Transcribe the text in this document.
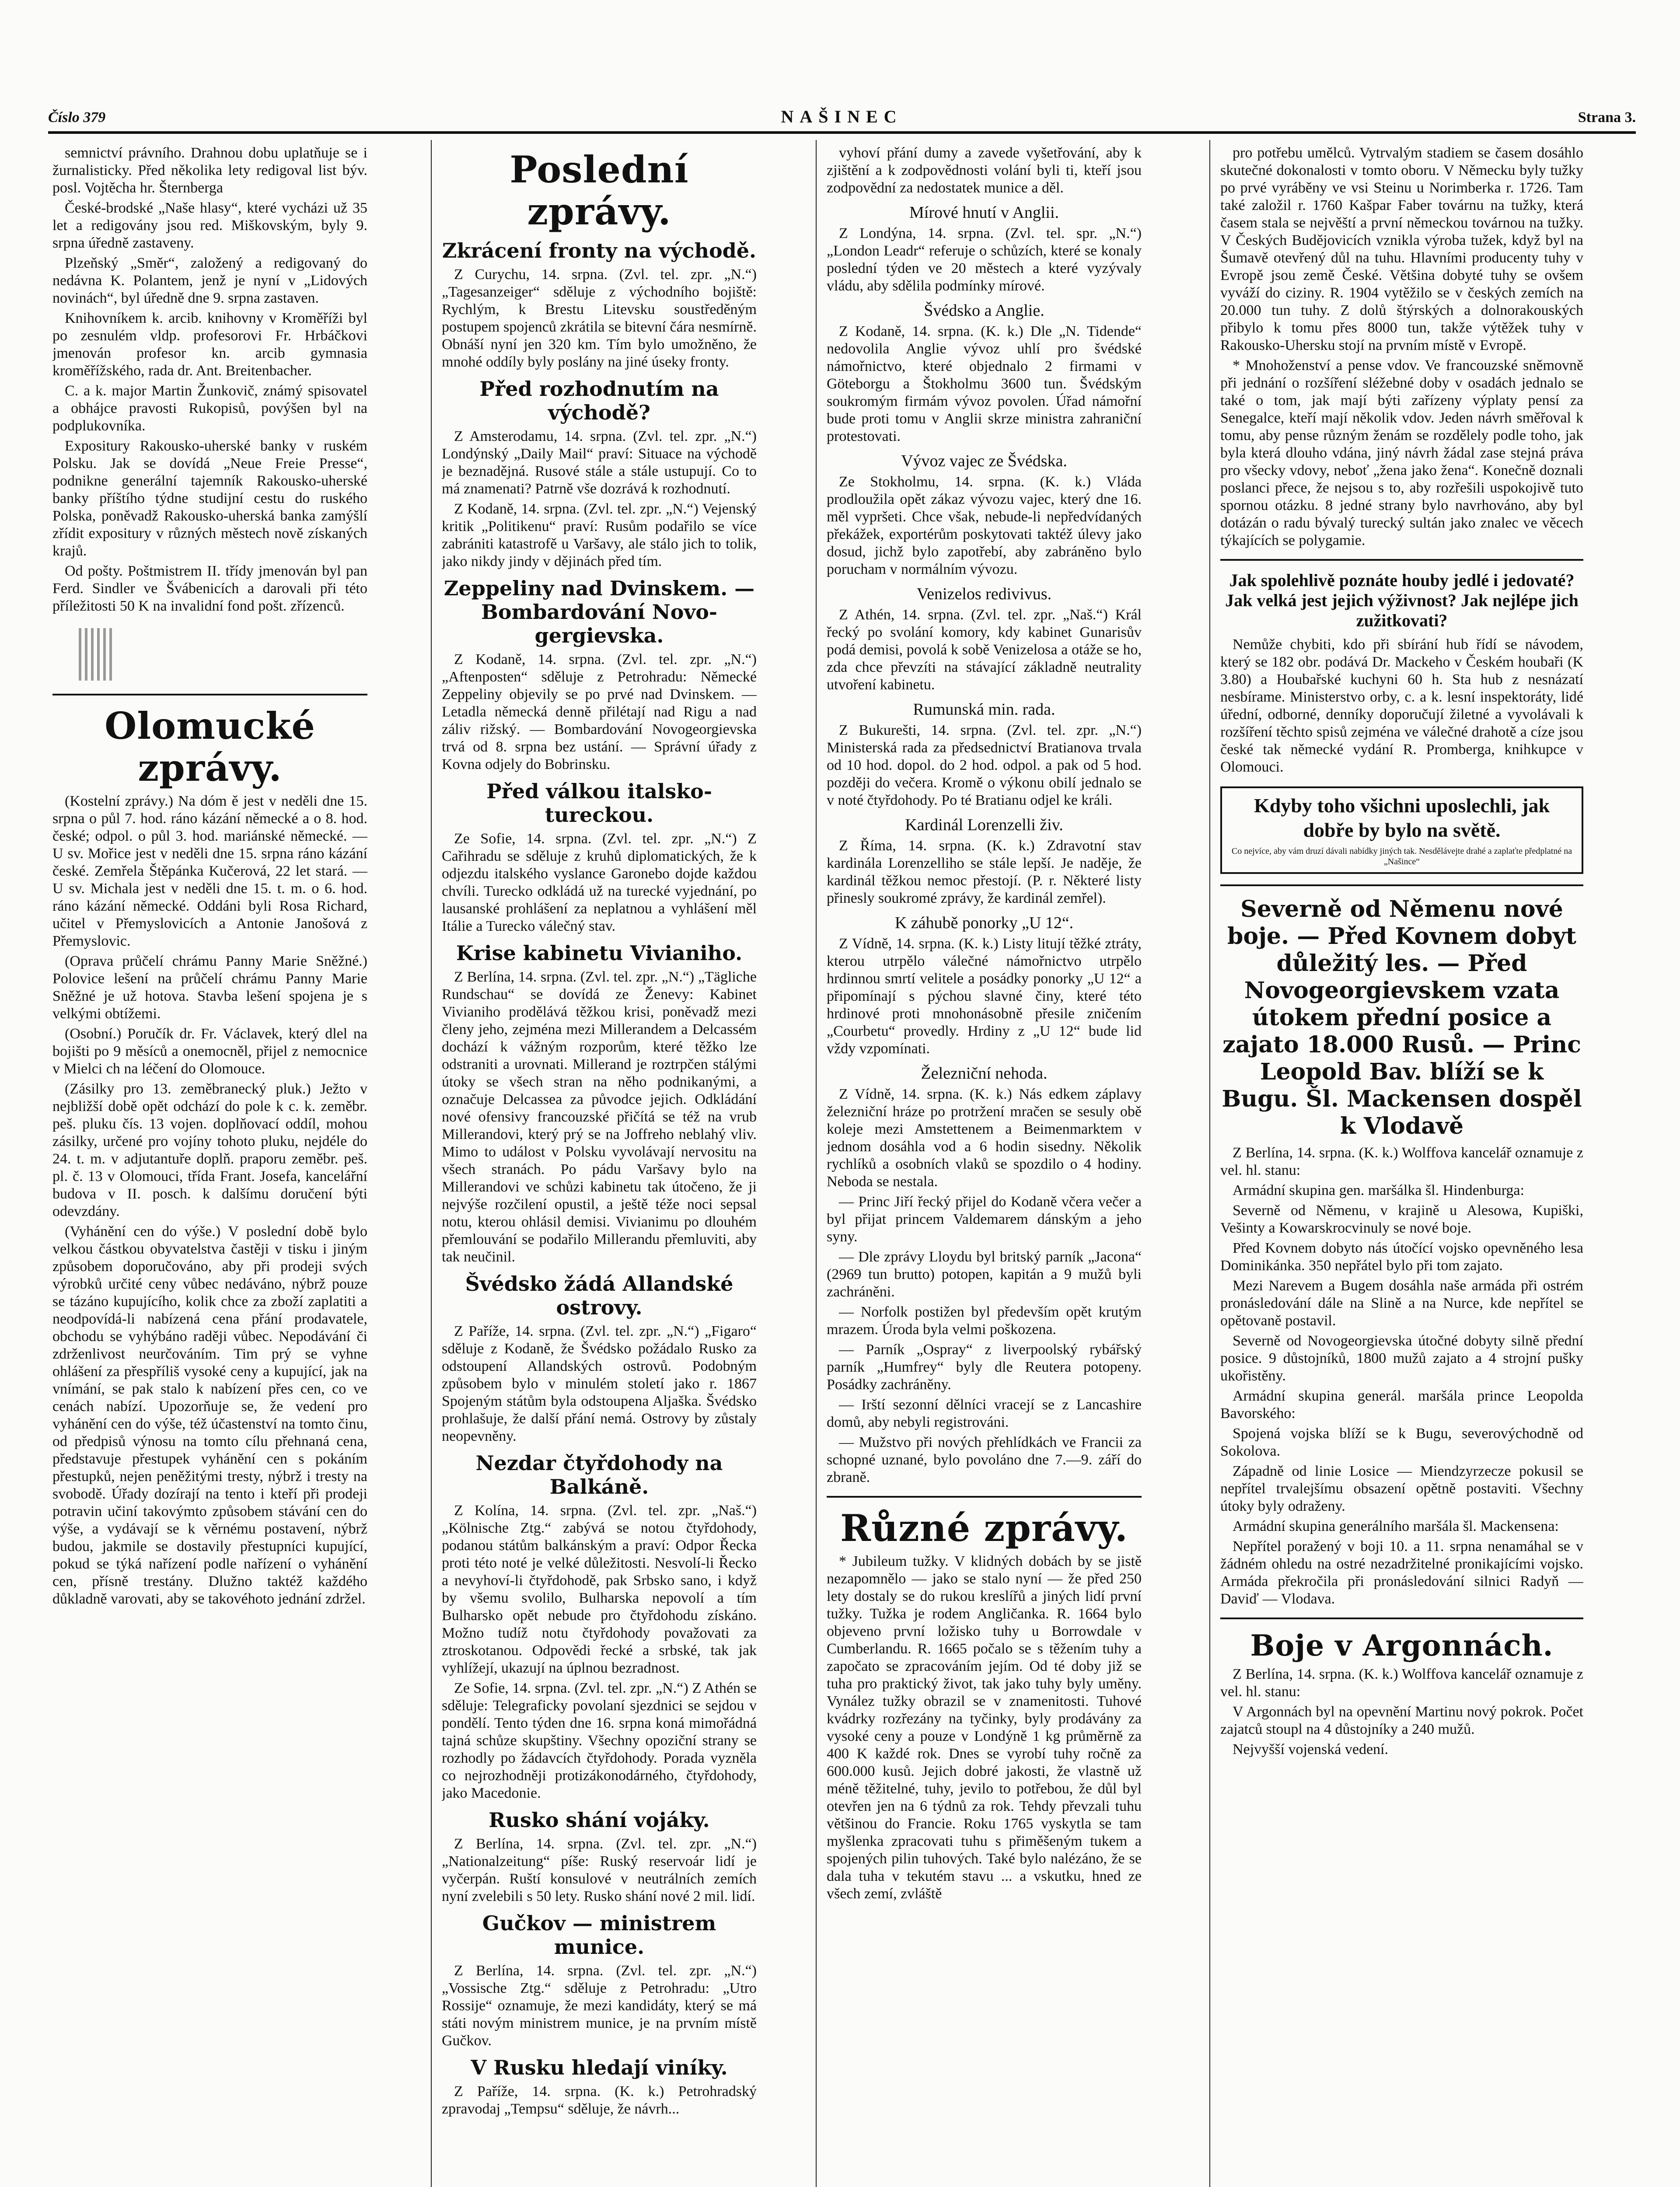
Číslo 379	NAŠINEC	Strana 3.

semnictví právního. Drahnou dobu uplatňuje se i žurnalisticky. Před několika lety redigoval list býv. posl. Vojtěcha hr. Šternberga

České-brodské „Naše hlasy“, které vycházi už 35 let a redigovány jsou red. Miškovským, byly 9. srpna úředně zastaveny.

Plzeňský „Směr“, založený a redigovaný do nedávna K. Polantem, jenž je nyní v „Lidových novinách“, byl úředně dne 9. srpna zastaven.

Knihovníkem k. arcib. knihovny v Kroměříži byl po zesnulém vldp. profesorovi Fr. Hrbáčkovi jmenován profesor kn. arcib gymnasia kroměřížského, rada dr. Ant. Breitenbacher.

C. a k. major Martin Žunkovič, známý spisovatel a obhájce pravosti Rukopisů, povýšen byl na podplukovníka.

Expositury Rakousko-uherské banky v ruském Polsku. Jak se dovídá „Neue Freie Presse“, podnikne generální tajemník Rakousko-uherské banky příštího týdne studijní cestu do ruského Polska, poněvadž Rakousko-uherská banka zamýšlí zřídit expositury v různých městech nově získaných krajů.

Od pošty. Poštmistrem II. třídy jmenován byl pan Ferd. Sindler ve Švábenicích a darovali při této příležitosti 50 K na invalidní fond pošt. zřízenců.

Olomucké zprávy.

(Kostelní zprávy.) Na dóm ě jest v neděli dne 15. srpna o půl 7. hod. ráno kázání německé a o 8. hod. české; odpol. o půl 3. hod. mariánské německé. — U sv. Mořice jest v neděli dne 15. srpna ráno kázání české. Zemřela Štěpánka Kučerová, 22 let stará. — U sv. Michala jest v neděli dne 15. t. m. o 6. hod. ráno kázání německé. Oddáni byli Rosa Richard, učitel v Přemyslovicích a Antonie Janošová z Přemyslovic.

(Oprava průčelí chrámu Panny Marie Sněžné.) Polovice lešení na průčelí chrámu Panny Marie Sněžné je už hotova. Stavba lešení spojena je s velkými obtížemi.

(Osobní.) Poručík dr. Fr. Václavek, který dlel na bojišti po 9 měsíců a onemocněl, přijel z nemocnice v Mielci ch na léčení do Olomouce.

(Zásilky pro 13. zeměbranecký pluk.) Ježto v nejbližší době opět odchází do pole k c. k. zeměbr. peš. pluku čís. 13 vojen. doplňovací oddíl, mohou zásilky, určené pro vojíny tohoto pluku, nejdéle do 24. t. m. v adjutantuře doplň. praporu zeměbr. peš. pl. č. 13 v Olomouci, třída Frant. Josefa, kancelářní budova v II. posch. k dalšímu doručení býti odevzdány.

(Vyhánění cen do výše.) V poslední době bylo velkou částkou obyvatelstva častěji v tisku i jiným způsobem doporučováno, aby při prodeji svých výrobků určité ceny vůbec nedáváno, nýbrž pouze se tázáno kupujícího, kolik chce za zboží zaplatiti a neodpovídá-li nabízená cena přání prodavatele, obchodu se vyhýbáno raději vůbec. Nepodávání či zdrženlivost neurčováním. Tim prý se vyhne ohlášení za přespříliš vysoké ceny a kupující, jak na vnímání, se pak stalo k nabízení přes cen, co ve cenách nabízí. Upozorňuje se, že vedení pro vyhánění cen do výše, též účastenství na tomto činu, od předpisů výnosu na tomto cílu přehnaná cena, představuje přestupek vyhánění cen s pokáním přestupků, nejen peněžitými tresty, nýbrž i tresty na svobodě. Úřady dozírají na tento i kteří při prodeji potravin učiní takovýmto způsobem stávání cen do výše, a vydávají se k věrnému postavení, nýbrž budou, jakmile se dostavily přestupníci kupující, pokud se týká nařízení podle nařízení o vyhánění cen, přísně trestány. Dlužno taktéž každého důkladně varovati, aby se takovéhoto jednání zdržel.

Poslední zprávy.
Zkrácení fronty na východě.

Z Curychu, 14. srpna. (Zvl. tel. zpr. „N.“) „Tagesanzeiger“ sděluje z východního bojiště: Rychlým, k Brestu Litevsku soustředěným postupem spojenců zkrátila se bitevní čára nesmírně. Obnáší nyní jen 320 km. Tím bylo umožněno, že mnohé oddíly byly poslány na jiné úseky fronty.

Před rozhodnutím na východě?

Z Amsterodamu, 14. srpna. (Zvl. tel. zpr. „N.“) Londýnský „Daily Mail“ praví: Situace na východě je beznadějná. Rusové stále a stále ustupují. Co to má znamenati? Patrně vše dozrává k rozhodnutí.

Z Kodaně, 14. srpna. (Zvl. tel. zpr. „N.“) Vejenský kritik „Politikenu“ praví: Rusům podařilo se více zabrániti katastrofě u Varšavy, ale stálo jich to tolik, jako nikdy jindy v dějinách před tím.

Zeppeliny nad Dvinskem. — Bombardování Novo-gergievska.

Z Kodaně, 14. srpna. (Zvl. tel. zpr. „N.“) „Aftenposten“ sděluje z Petrohradu: Německé Zeppeliny objevily se po prvé nad Dvinskem. — Letadla německá denně přilétají nad Rigu a nad záliv rižský. — Bombardování Novogeorgievska trvá od 8. srpna bez ustání. — Správní úřady z Kovna odjely do Bobrinsku.

Před válkou italsko-tureckou.

Ze Sofie, 14. srpna. (Zvl. tel. zpr. „N.“) Z Cařihradu se sděluje z kruhů diplomatických, že k odjezdu italského vyslance Garonebo dojde každou chvíli. Turecko odkládá už na turecké vyjednání, po lausanské prohlášení za neplatnou a vyhlášení měl Itálie a Turecko válečný stav.

Krise kabinetu Vivianiho.

Z Berlína, 14. srpna. (Zvl. tel. zpr. „N.“) „Tägliche Rundschau“ se dovídá ze Ženevy: Kabinet Vivianiho prodělává těžkou krisi, poněvadž mezi členy jeho, zejména mezi Millerandem a Delcassém dochází k vážným rozporům, které těžko lze odstraniti a urovnati. Millerand je roztrpčen stálými útoky se všech stran na něho podnikanými, a označuje Delcassea za původce jejich. Odkládání nové ofensivy francouzské přičítá se též na vrub Millerandovi, který prý se na Joffreho neblahý vliv. Mimo to událost v Polsku vyvolávají nervositu na všech stranách. Po pádu Varšavy bylo na Millerandovi ve schůzi kabinetu tak útočeno, že ji nejvýše rozčilení opustil, a ještě téže noci sepsal notu, kterou ohlásil demisi. Vivianimu po dlouhém přemlouvání se podařilo Millerandu přemluviti, aby tak neučinil.

Švédsko žádá Allandské ostrovy.

Z Paříže, 14. srpna. (Zvl. tel. zpr. „N.“) „Figaro“ sděluje z Kodaně, že Švédsko požádalo Rusko za odstoupení Allandských ostrovů. Podobným způsobem bylo v minulém století jako r. 1867 Spojeným státům byla odstoupena Aljaška. Švédsko prohlašuje, že další přání nemá. Ostrovy by zůstaly neopevněny.

Nezdar čtyřdohody na Balkáně.

Z Kolína, 14. srpna. (Zvl. tel. zpr. „Naš.“) „Kölnische Ztg.“ zabývá se notou čtyřdohody, podanou státům balkánským a praví: Odpor Řecka proti této noté je velké důležitosti. Nesvolí-li Řecko a nevyhoví-li čtyřdohodě, pak Srbsko sano, i když by všemu svolilo, Bulharska nepovolí a tím Bulharsko opět nebude pro čtyřdohodu získáno. Možno tudíž notu čtyřdohody považovati za ztroskotanou. Odpovědi řecké a srbské, tak jak vyhlížejí, ukazují na úplnou bezradnost.

Ze Sofie, 14. srpna. (Zvl. tel. zpr. „N.“) Z Athén se sděluje: Telegraficky povolaní sjezdnici se sejdou v pondělí. Tento týden dne 16. srpna koná mimořádná tajná schůze skupštiny. Všechny opoziční strany se rozhodly po žádavcích čtyřdohody. Porada vyzněla co nejrozhodněji protizákonodárného, čtyřdohody, jako Macedonie.

Rusko shání vojáky.

Z Berlína, 14. srpna. (Zvl. tel. zpr. „N.“) „Nationalzeitung“ píše: Ruský reservoár lidí je vyčerpán. Ruští konsulové v neutrálních zemích nyní zvelebili s 50 lety. Rusko shání nové 2 mil. lidí.

Gučkov — ministrem munice.

Z Berlína, 14. srpna. (Zvl. tel. zpr. „N.“) „Vossische Ztg.“ sděluje z Petrohradu: „Utro Rossije“ oznamuje, že mezi kandidáty, který se má státi novým ministrem munice, je na prvním místě Gučkov.

V Rusku hledají viníky.

Z Paříže, 14. srpna. (K. k.) Petrohradský zpravodaj „Tempsu“ sděluje, že návrh...

vyhoví přání dumy a zavede vyšetřování, aby k zjištění a k zodpovědnosti volání byli ti, kteří jsou zodpovědní za nedostatek munice a děl.

Mírové hnutí v Anglii.

Z Londýna, 14. srpna. (Zvl. tel. spr. „N.“) „London Leadr“ referuje o schůzích, které se konaly poslední týden ve 20 městech a které vyzývaly vládu, aby sdělila podmínky mírové.

Švédsko a Anglie.

Z Kodaně, 14. srpna. (K. k.) Dle „N. Tidende“ nedovolila Anglie vývoz uhlí pro švédské námořnictvo, které objednalo 2 firmami v Göteborgu a Štokholmu 3600 tun. Švédským soukromým firmám vývoz povolen. Úřad námořní bude proti tomu v Anglii skrze ministra zahraniční protestovati.

Vývoz vajec ze Švédska.

Ze Stokholmu, 14. srpna. (K. k.) Vláda prodloužila opět zákaz vývozu vajec, který dne 16. měl vypršeti. Chce však, nebude-li nepředvídaných překážek, exportérům poskytovati taktéž úlevy jako dosud, jichž bylo zapotřebí, aby zabráněno bylo porucham v normálním vývozu.

Venizelos redivivus.

Z Athén, 14. srpna. (Zvl. tel. zpr. „Naš.“) Král řecký po svolání komory, kdy kabinet Gunarisův podá demisi, povolá k sobě Venizelosa a otáže se ho, zda chce převzíti na stávající základně neutrality utvoření kabinetu.

Rumunská min. rada.

Z Bukurešti, 14. srpna. (Zvl. tel. zpr. „N.“) Ministerská rada za předsednictví Bratianova trvala od 10 hod. dopol. do 2 hod. odpol. a pak od 5 hod. později do večera. Kromě o výkonu obilí jednalo se v noté čtyřdohody. Po té Bratianu odjel ke králi.

Kardinál Lorenzelli živ.

Z Říma, 14. srpna. (K. k.) Zdravotní stav kardinála Lorenzelliho se stále lepší. Je naděje, že kardinál těžkou nemoc přestojí. (P. r. Některé listy přinesly soukromé zprávy, že kardinál zemřel).

K záhubě ponorky „U 12“.

Z Vídně, 14. srpna. (K. k.) Listy litují těžké ztráty, kterou utrpělo válečné námořnictvo utrpělo hrdinnou smrtí velitele a posádky ponorky „U 12“ a připomínají s pýchou slavné činy, které této hrdinové proti mnohonásobně přesile zničením „Courbetu“ provedly. Hrdiny z „U 12“ bude lid vždy vzpomínati.

Železniční nehoda.

Z Vídně, 14. srpna. (K. k.) Nás edkem záplavy železniční hráze po protržení mračen se sesuly obě koleje mezi Amstettenem a Beimenmarktem v jednom dosáhla vod a 6 hodin sisedny. Několik rychlíků a osobních vlaků se spozdilo o 4 hodiny. Neboda se nestala.

— Princ Jiří řecký přijel do Kodaně včera večer a byl přijat princem Valdemarem dánským a jeho syny.

— Dle zprávy Lloydu byl britský parník „Jacona“ (2969 tun brutto) potopen, kapitán a 9 mužů byli zachráněni.

— Norfolk postižen byl především opět krutým mrazem. Úroda byla velmi poškozena.

— Parník „Ospray“ z liverpoolský rybářský parník „Humfrey“ byly dle Reutera potopeny. Posádky zachráněny.

— Irští sezonní dělníci vracejí se z Lancashire domů, aby nebyli registrováni.

— Mužstvo při nových přehlídkách ve Francii za schopné uznané, bylo povoláno dne 7.—9. září do zbraně.

Různé zprávy.

* Jubileum tužky. V klidných dobách by se jistě nezapomnělo — jako se stalo nyní — že před 250 lety dostaly se do rukou kreslířů a jiných lidí první tužky. Tužka je rodem Angličanka. R. 1664 bylo objeveno první ložisko tuhy u Borrowdale v Cumberlandu. R. 1665 počalo se s těžením tuhy a započato se zpracováním jejím. Od té doby již se tuha pro praktický život, tak jako tuhy byly uměny. Vynález tužky obrazil se v znamenitosti. Tuhové kvádrky rozřezány na tyčinky, byly prodávány za vysoké ceny a pouze v Londýně 1 kg průměrně za 400 K každé rok. Dnes se vyrobí tuhy ročně za 600.000 kusů. Jejich dobré jakosti, že vlastně už méně těžitelné, tuhy, jevilo to potřebou, že důl byl otevřen jen na 6 týdnů za rok. Tehdy převzali tuhu většinou do Francie. Roku 1765 vyskytla se tam myšlenka zpracovati tuhu s přiměšeným tukem a spojených pilin tuhových. Také bylo nalézáno, že se dala tuha v tekutém stavu ... a vskutku, hned ze všech zemí, zvláště

pro potřebu umělců. Vytrvalým stadiem se časem dosáhlo skutečné dokonalosti v tomto oboru. V Německu byly tužky po prvé vyráběny ve vsi Steinu u Norimberka r. 1726. Tam také založil r. 1760 Kašpar Faber továrnu na tužky, která časem stala se nejvěští a první německou továrnou na tužky. V Českých Budějovicích vznikla výroba tužek, když byl na Šumavě otevřený důl na tuhu. Hlavními producenty tuhy v Evropě jsou země České. Většina dobyté tuhy se ovšem vyváží do ciziny. R. 1904 vytěžilo se v českých zemích na 20.000 tun tuhy. Z dolů štýrských a dolnorakouských přibylo k tomu přes 8000 tun, takže výtěžek tuhy v Rakousko-Uhersku stojí na prvním místě v Evropě.

* Mnohoženství a pense vdov. Ve francouzské sněmovně při jednání o rozšíření sléžebné doby v osadách jednalo se také o tom, jak mají býti zařízeny výplaty pensí za Senegalce, kteří mají několik vdov. Jeden návrh směřoval k tomu, aby pense různým ženám se rozdělely podle toho, jak byla která dlouho vdána, jiný návrh žádal zase stejná práva pro všecky vdovy, neboť „žena jako žena“. Konečně doznali poslanci přece, že nejsou s to, aby rozřešili uspokojivě tuto spornou otázku. 8 jedné strany bylo navrhováno, aby byl dotázán o radu bývalý turecký sultán jako znalec ve věcech týkajících se polygamie.

Jak spolehlivě poznáte houby jedlé i jedovaté? Jak velká jest jejich výživnost? Jak nejlépe jich zužitkovati?

Nemůže chybiti, kdo při sbírání hub řídí se návodem, který se 182 obr. podává Dr. Mackeho v Českém houbaři (K 3.80) a Houbařské kuchyni 60 h. Sta hub z nesnázatí nesbírame. Ministerstvo orby, c. a k. lesní inspektoráty, lidé úřední, odborné, denníky doporučují žiletné a vyvolávali k rozšíření těchto spisů zejména ve válečné drahotě a cíze jsou české tak německé vydání R. Promberga, knihkupce v Olomouci.

Kdyby toho všichni uposlechli, jak dobře by bylo na světě.
Co nejvíce, aby vám druzí dávali nabídky jiných tak. Nesdělávejte drahé a zaplaťte předplatné na „Našince“
Severně od Němenu nové boje. — Před Kovnem dobyt důležitý les. — Před Novogeorgievskem vzata útokem přední posice a zajato 18.000 Rusů. — Princ Leopold Bav. blíží se k Bugu. Šl. Mackensen dospěl k Vlodavě

Z Berlína, 14. srpna. (K. k.) Wolffova kancelář oznamuje z vel. hl. stanu:

Armádní skupina gen. maršálka šl. Hindenburga:

Severně od Němenu, v krajině u Alesowa, Kupiški, Vešinty a Kowarskrocvinuly se nové boje.

Před Kovnem dobyto nás útočící vojsko opevněného lesa Dominikánka. 350 nepřátel bylo při tom zajato.

Mezi Narevem a Bugem dosáhla naše armáda při ostrém pronásledování dále na Slině a na Nurce, kde nepřítel se opětovaně postavil.

Severně od Novogeorgievska útočné dobyty silně přední posice. 9 důstojníků, 1800 mužů zajato a 4 strojní pušky ukořistěny.

Armádní skupina generál. maršála prince Leopolda Bavorského:

Spojená vojska blíží se k Bugu, severovýchodně od Sokolova.

Západně od linie Losice — Miendzyrzecze pokusil se nepřítel trvalejšímu obsazení opětně postaviti. Všechny útoky byly odraženy.

Armádní skupina generálního maršála šl. Mackensena:

Nepřítel poražený v boji 10. a 11. srpna nenamáhal se v žádném ohledu na ostré nezadržitelné pronikajícími vojsko. Armáda překročila při pronásledování silnici Radyň — Daviď — Vlodava.

Boje v Argonnách.

Z Berlína, 14. srpna. (K. k.) Wolffova kancelář oznamuje z vel. hl. stanu:

V Argonnách byl na opevnění Martinu nový pokrok. Počet zajatců stoupl na 4 důstojníky a 240 mužů.

Nejvyšší vojenská vedení.
